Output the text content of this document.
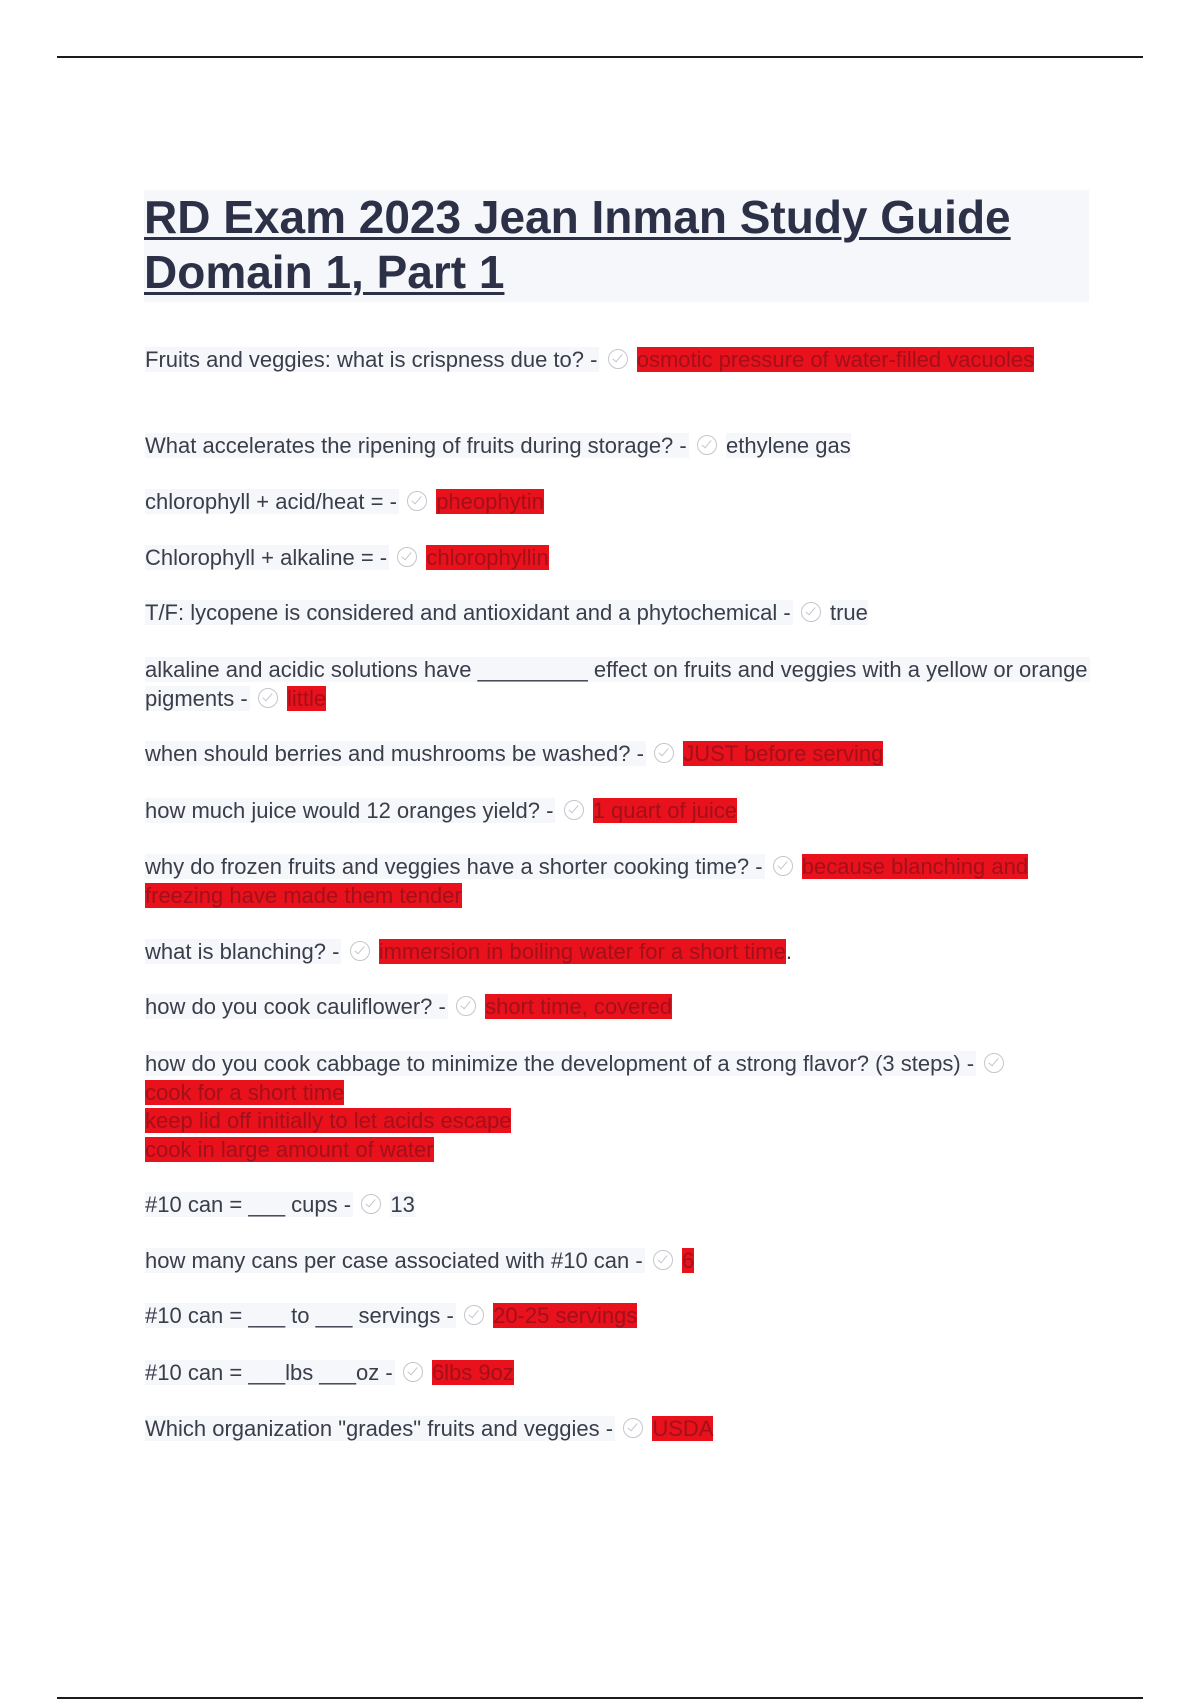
RD Exam 2023 Jean Inman Study Guide
Domain 1, Part 1
Fruits and veggies: what is crispness due to? - osmotic pressure of water-filled vacuoles
What accelerates the ripening of fruits during storage? - ethylene gas
chlorophyll + acid/heat = - pheophytin
Chlorophyll + alkaline = - chlorophyllin
T/F: lycopene is considered and antioxidant and a phytochemical - true
alkaline and acidic solutions have _________ effect on fruits and veggies with a yellow or orange pigments - little
when should berries and mushrooms be washed? - JUST before serving
how much juice would 12 oranges yield? - 1 quart of juice
why do frozen fruits and veggies have a shorter cooking time? - because blanching and freezing have made them tender
what is blanching? - immersion in boiling water for a short time.
how do you cook cauliflower? - short time, covered
how do you cook cabbage to minimize the development of a strong flavor? (3 steps) -
cook for a short time
keep lid off initially to let acids escape
cook in large amount of water
#10 can = ___ cups - 13
how many cans per case associated with #10 can - 6
#10 can = ___ to ___ servings - 20-25 servings
#10 can = ___lbs ___oz - 6lbs 9oz
Which organization "grades" fruits and veggies - USDA
